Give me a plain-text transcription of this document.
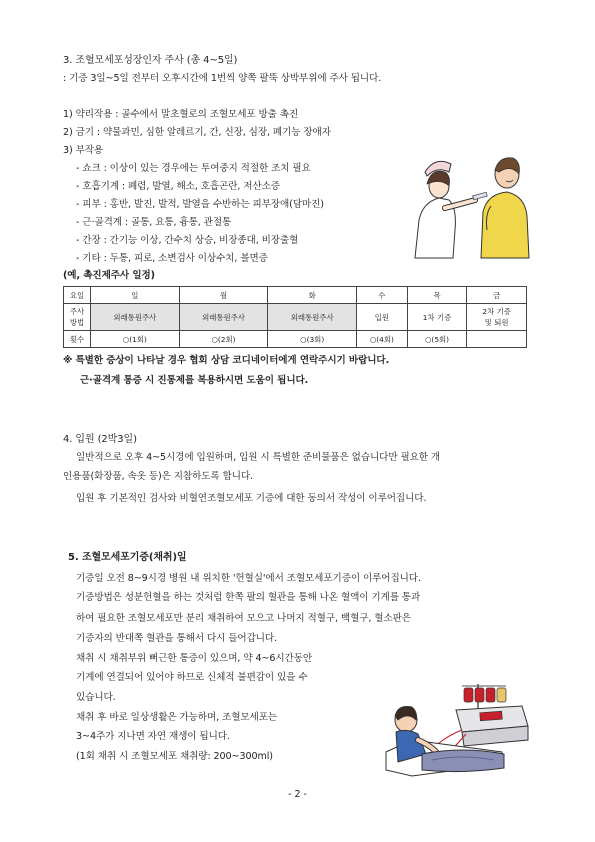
3. 조혈모세포성장인자 주사 (총 4~5일)
: 기증 3일~5일 전부터 오후시간에 1번씩 양쪽 팔뚝 상박부위에 주사 됩니다.
1) 약리작용 : 골수에서 말초혈로의 조혈모세포 방출 촉진
2) 금기 : 약물과민, 심한 알레르기, 간, 신장, 심장, 폐기능 장애자
3) 부작용
- 쇼크 : 이상이 있는 경우에는 투여중지 적절한 조치 필요
- 호흡기계 : 폐렴, 발열, 해소, 호흡곤란, 저산소증
- 피부 : 홍반, 발진, 발적, 발열을 수반하는 피부장애(담마진)
- 근·골격계 : 골통, 요통, 흉통, 관절통
- 간장 : 간기능 이상, 간수치 상승, 비장종대, 비장출혈
- 기타 : 두통, 피로, 소변검사 이상수치, 볼면증
(예, 촉진제주사 일정)
요일	일	월	화	수	목	금
주사
방법	외래통원주사	외래통원주사	외래통원주사	입원	1차 기증	2차 기증
및 퇴원
횟수	○(1회)	○(2회)	○(3회)	○(4회)	○(5회)	
※ 특별한 증상이 나타날 경우 협회 상담 코디네이터에게 연락주시기 바랍니다.
근·골격계 통증 시 진통제를 복용하시면 도움이 됩니다.
4. 입원 (2박3일)
일반적으로 오후 4~5시경에 입원하며, 입원 시 특별한 준비물품은 없습니다만 필요한 개
인용품(화장품, 속옷 등)은 지참하도록 합니다.
입원 후 기본적인 검사와 비혈연조혈모세포 기증에 대한 동의서 작성이 이루어집니다.
5. 조혈모세포기증(채취)일
기증일 오전 8~9시경 병원 내 위치한 '헌혈실'에서 조혈모세포기증이 이루어집니다.
기증방법은 성분헌혈을 하는 것처럼 한쪽 팔의 혈관을 통해 나온 혈액이 기계를 통과
하여 필요한 조혈모세포만 분리 채취하여 모으고 나머지 적혈구, 백혈구, 혈소판은
기증자의 반대쪽 혈관을 통해서 다시 들어갑니다.
채취 시 채취부위 뻐근한 통증이 있으며, 약 4~6시간동안
기계에 연결되어 있어야 하므로 신체적 불편감이 있을 수
있습니다.
채취 후 바로 일상생활은 가능하며, 조혈모세포는
3~4주가 지나면 자연 재생이 됩니다.
(1회 채취 시 조혈모세포 채취량: 200~300ml)
- 2 -
